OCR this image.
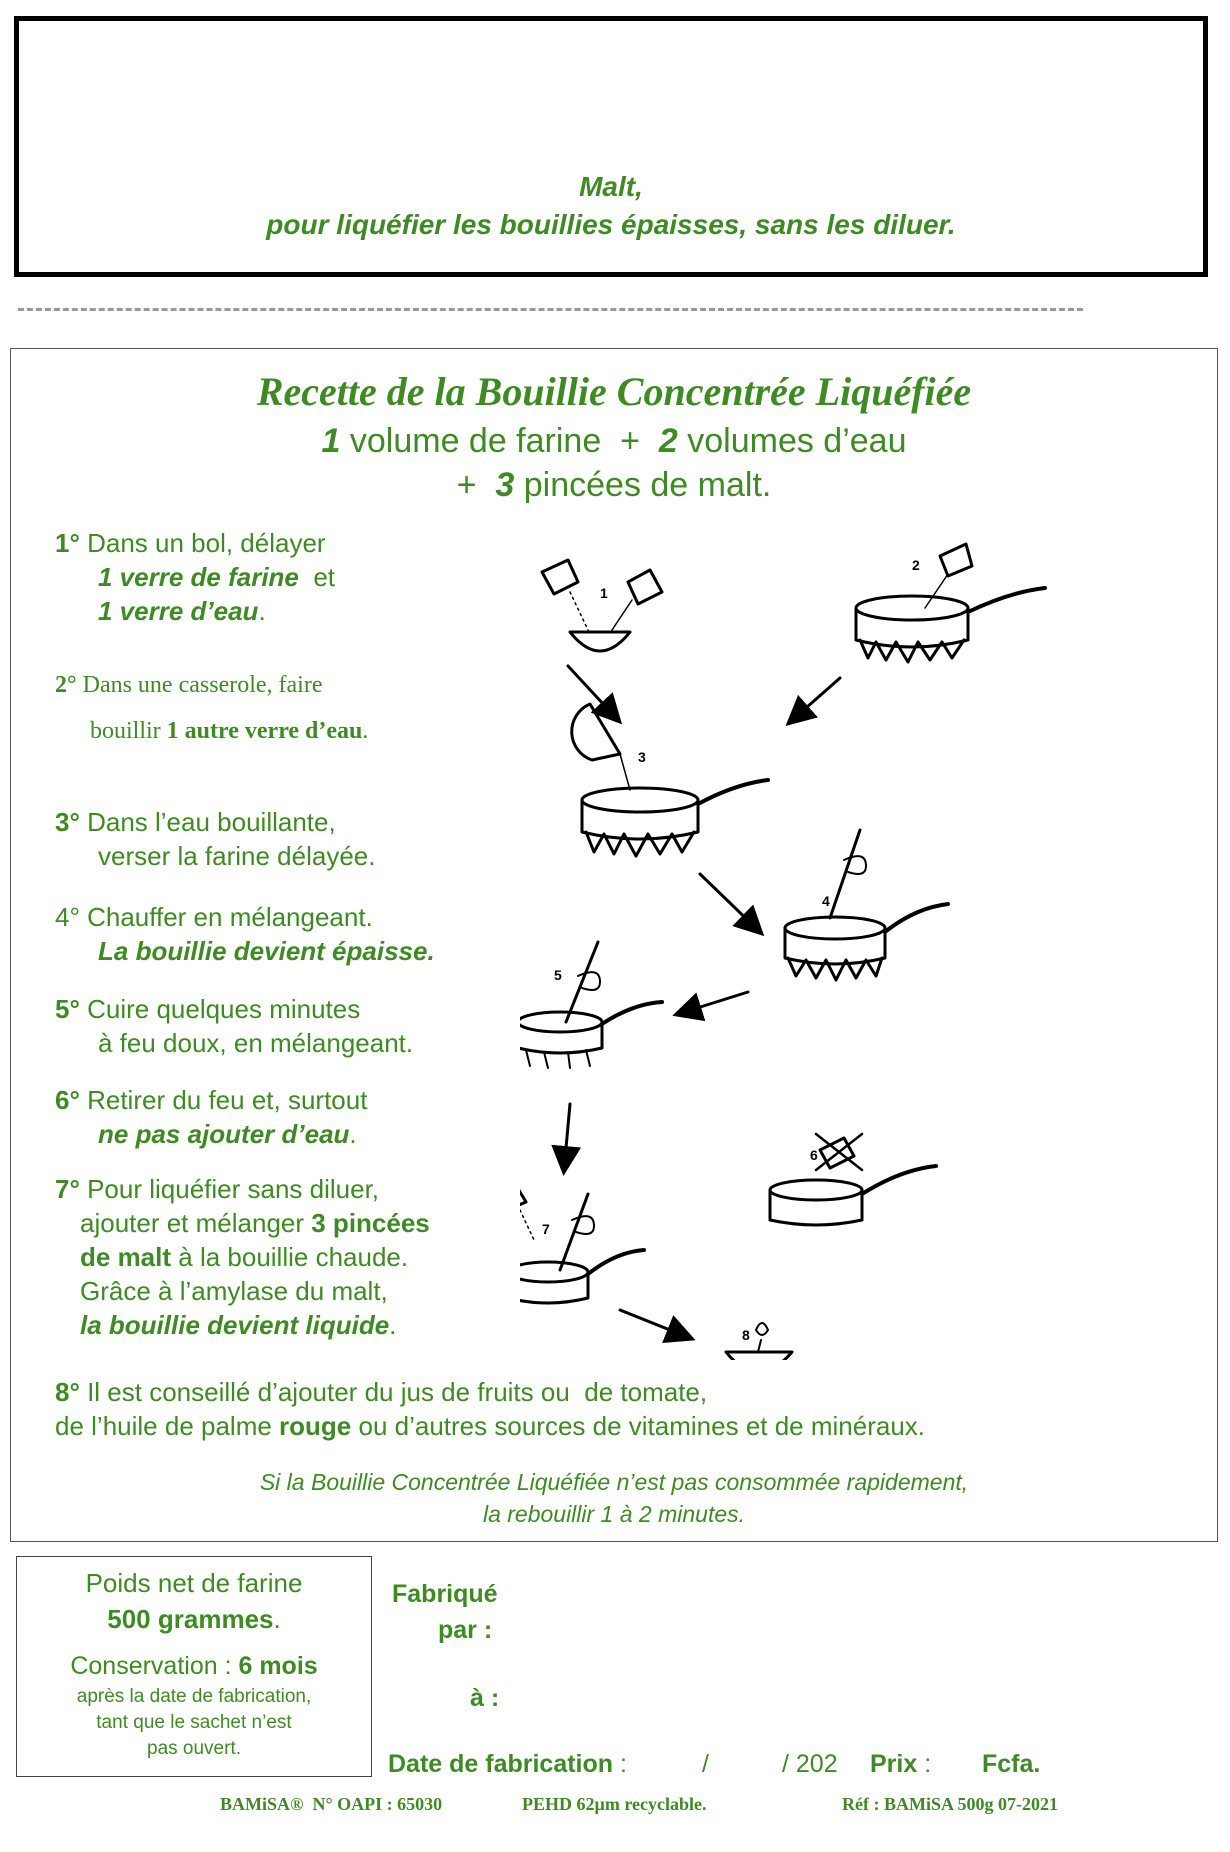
Malt,
pour liquéfier les bouillies épaisses, sans les diluer.
Recette de la Bouillie Concentrée Liquéfiée
1 volume de farine  +  2 volumes d’eau
+  3 pincées de malt.
1° Dans un bol, délayer
1 verre de farine  et
1 verre d’eau.
2° Dans une casserole, faire
bouillir 1 autre verre d’eau.
3° Dans l’eau bouillante,
verser la farine délayée.
4° Chauffer en mélangeant.
La bouillie devient épaisse.
5° Cuire quelques minutes
à feu doux, en mélangeant.
6° Retirer du feu et, surtout
ne pas ajouter d’eau.
7° Pour liquéfier sans diluer,
ajouter et mélanger 3 pincées
de malt à la bouillie chaude.
Grâce à l’amylase du malt,
la bouillie devient liquide.
8° Il est conseillé d’ajouter du jus de fruits ou  de tomate,
de l’huile de palme rouge ou d’autres sources de vitamines et de minéraux.
1
2
3
4
5
6
7
8
Si la Bouillie Concentrée Liquéfiée n’est pas consommée rapidement,
la rebouillir 1 à 2 minutes.
Poids net de farine
500 grammes.
Conservation : 6 mois
après la date de fabrication,
tant que le sachet n’est
pas ouvert.
Fabriqué
par :
à :
Date de fabrication :	/	/ 202 Prix : Fcfa.
BAMiSA®  N° OAPI : 65030	PEHD 62µm recyclable.	Réf : BAMiSA 500g 07-2021
